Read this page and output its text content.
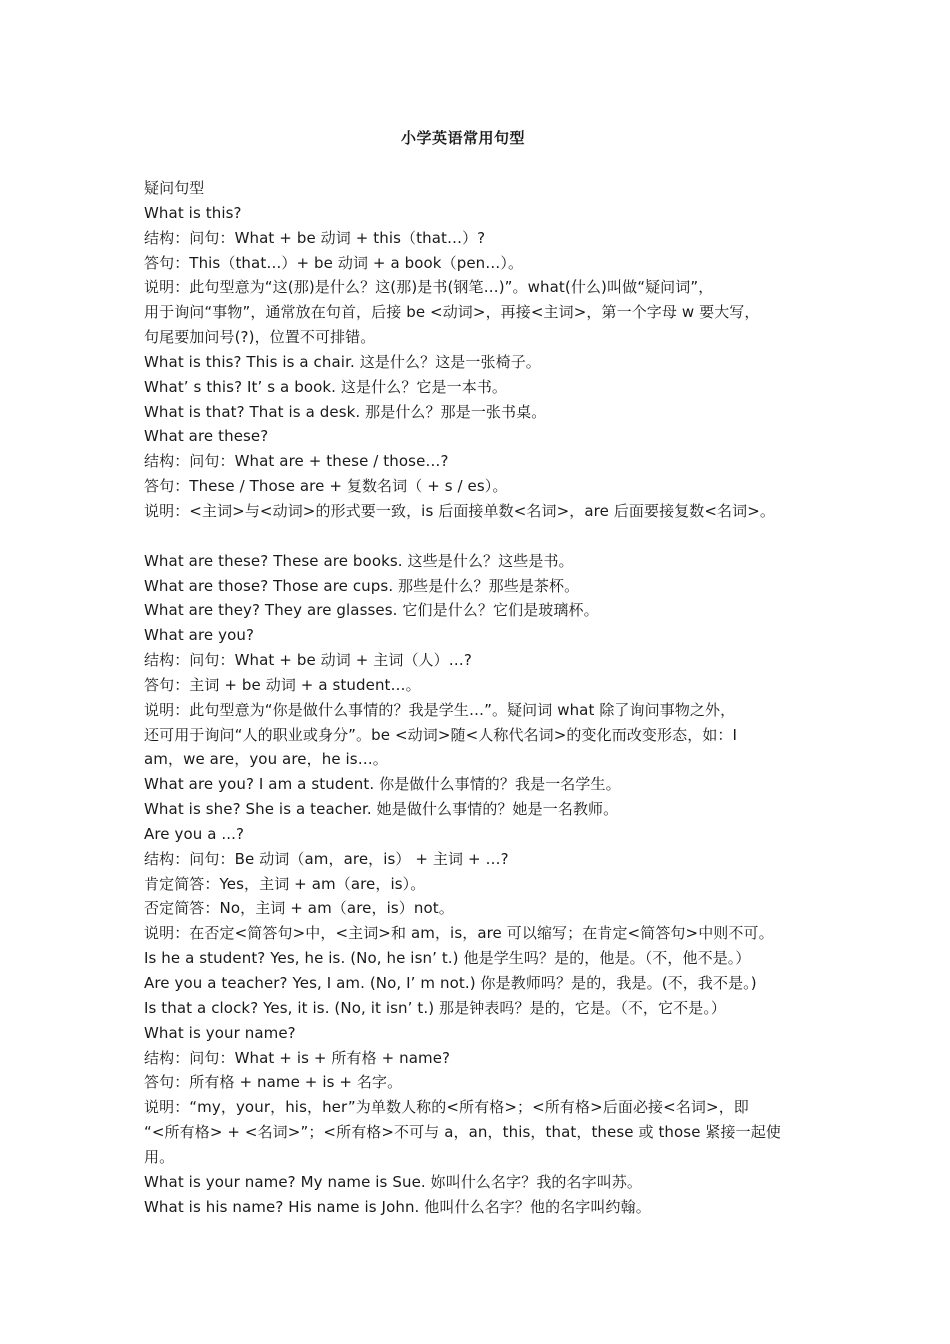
小学英语常用句型
疑问句型
What is this?
结构：问句：What + be 动词 + this（that…）?
答句：This（that…）+ be 动词 + a book（pen…）。
说明：此句型意为“这(那)是什么？这(那)是书(钢笔…)”。what(什么)叫做“疑问词”，
用于询问“事物”，通常放在句首，后接 be <动词>，再接<主词>，第一个字母 w 要大写，
句尾要加问号(?)，位置不可排错。
What is this? This is a chair. 这是什么？这是一张椅子。
What’ s this? It’ s a book. 这是什么？它是一本书。
What is that? That is a desk. 那是什么？那是一张书桌。
What are these?
结构：问句：What are + these / those…?
答句：These / Those are + 复数名词（ + s / es）。
说明：<主词>与<动词>的形式要一致，is 后面接单数<名词>，are 后面要接复数<名词>。
What are these? These are books. 这些是什么？这些是书。
What are those? Those are cups. 那些是什么？那些是茶杯。
What are they? They are glasses. 它们是什么？它们是玻璃杯。
What are you?
结构：问句：What + be 动词 + 主词（人）…?
答句：主词 + be 动词 + a student…。
说明：此句型意为“你是做什么事情的？我是学生…”。疑问词 what 除了询问事物之外，
还可用于询问“人的职业或身分”。be <动词>随<人称代名词>的变化而改变形态，如：I
am，we are，you are，he is…。
What are you? I am a student. 你是做什么事情的？我是一名学生。
What is she? She is a teacher. 她是做什么事情的？她是一名教师。
Are you a ...?
结构：问句：Be 动词（am，are，is） + 主词 + …?
肯定简答：Yes，主词 + am（are，is）。
否定简答：No，主词 + am（are，is）not。
说明：在否定<简答句>中，<主词>和 am，is，are 可以缩写；在肯定<简答句>中则不可。
Is he a student? Yes, he is. (No, he isn’ t.) 他是学生吗？是的，他是。（不，他不是。）
Are you a teacher? Yes, I am. (No, I’ m not.) 你是教师吗？是的，我是。(不，我不是。)
Is that a clock? Yes, it is. (No, it isn’ t.) 那是钟表吗？是的，它是。（不，它不是。）
What is your name?
结构：问句：What + is + 所有格 + name?
答句：所有格 + name + is + 名字。
说明：“my，your，his，her”为单数人称的<所有格>；<所有格>后面必接<名词>，即
“<所有格> + <名词>”；<所有格>不可与 a，an，this，that，these 或 those 紧接一起使
用。
What is your name? My name is Sue. 妳叫什么名字？我的名字叫苏。
What is his name? His name is John. 他叫什么名字？他的名字叫约翰。
